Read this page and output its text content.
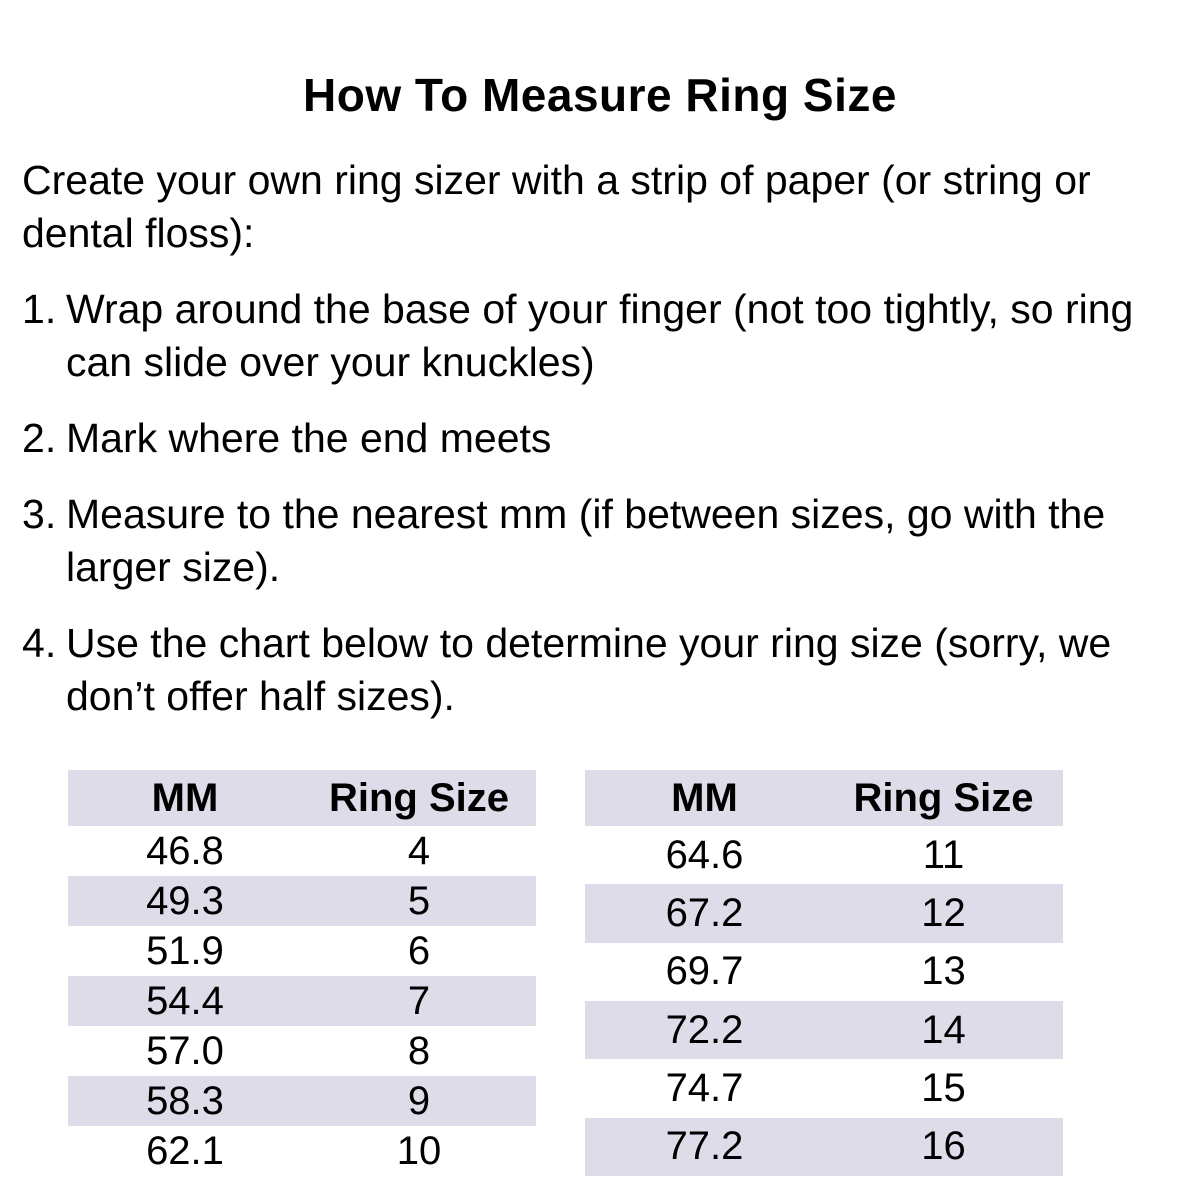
How To Measure Ring Size

Create your own ring sizer with a strip of paper (or string or dental floss):

Wrap around the base of your finger (not too tightly, so ring can slide over your knuckles)
Mark where the end meets
Measure to the nearest mm (if between sizes, go with the larger size).
Use the chart below to determine your ring size (sorry, we don’t offer half sizes).
MM	Ring Size
46.8	4
49.3	5
51.9	6
54.4	7
57.0	8
58.3	9
62.1	10
MM	Ring Size
64.6	11
67.2	12
69.7	13
72.2	14
74.7	15
77.2	16
